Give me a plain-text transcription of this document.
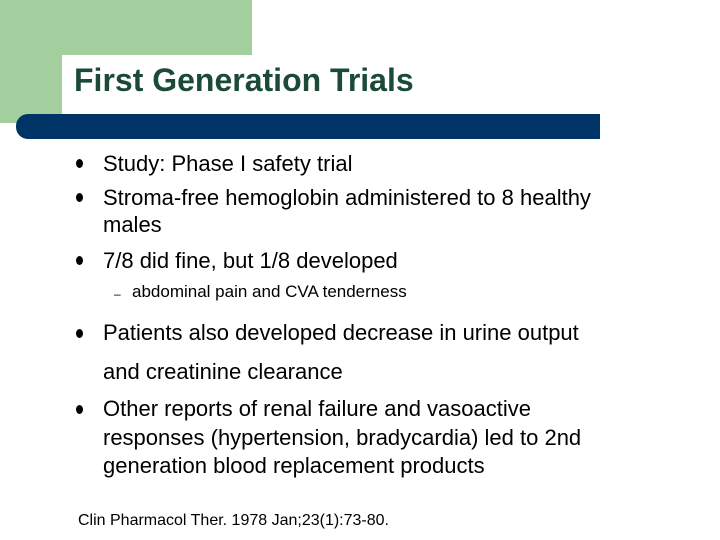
First Generation Trials
Study: Phase I safety trial
Stroma-free hemoglobin administered to 8 healthy
males
7/8 did fine, but 1/8 developed
– abdominal pain and CVA tenderness
Patients also developed decrease in urine output
and creatinine clearance
Other reports of renal failure and vasoactive
responses (hypertension, bradycardia) led to 2nd
generation blood replacement products
Clin Pharmacol Ther. 1978 Jan;23(1):73-80.
